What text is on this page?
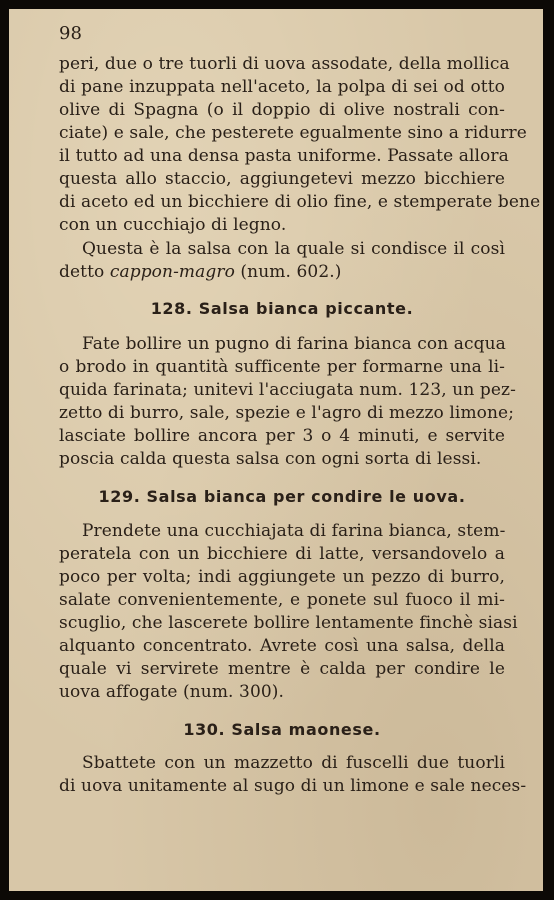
98
peri, due o tre tuorli di uova assodate, della mollica
di pane inzuppata nell'aceto, la polpa di sei od otto
olive di Spagna (o il doppio di olive nostrali con-
ciate) e sale, che pesterete egualmente sino a ridurre
il tutto ad una densa pasta uniforme. Passate allora
questa allo staccio, aggiungetevi mezzo bicchiere
di aceto ed un bicchiere di olio fine, e stemperate bene
con un cucchiajo di legno.
Questa è la salsa con la quale si condisce il così
detto cappon-magro (num. 602.)
128. Salsa bianca piccante.
Fate bollire un pugno di farina bianca con acqua
o brodo in quantità sufficente per formarne una li-
quida farinata; unitevi l'acciugata num. 123, un pez-
zetto di burro, sale, spezie e l'agro di mezzo limone;
lasciate bollire ancora per 3 o 4 minuti, e servite
poscia calda questa salsa con ogni sorta di lessi.
129. Salsa bianca per condire le uova.
Prendete una cucchiajata di farina bianca, stem-
peratela con un bicchiere di latte, versandovelo a
poco per volta; indi aggiungete un pezzo di burro,
salate convenientemente, e ponete sul fuoco il mi-
scuglio, che lascerete bollire lentamente finchè siasi
alquanto concentrato. Avrete così una salsa, della
quale vi servirete mentre è calda per condire le
uova affogate (num. 300).
130. Salsa maonese.
Sbattete con un mazzetto di fuscelli due tuorli
di uova unitamente al sugo di un limone e sale neces-
